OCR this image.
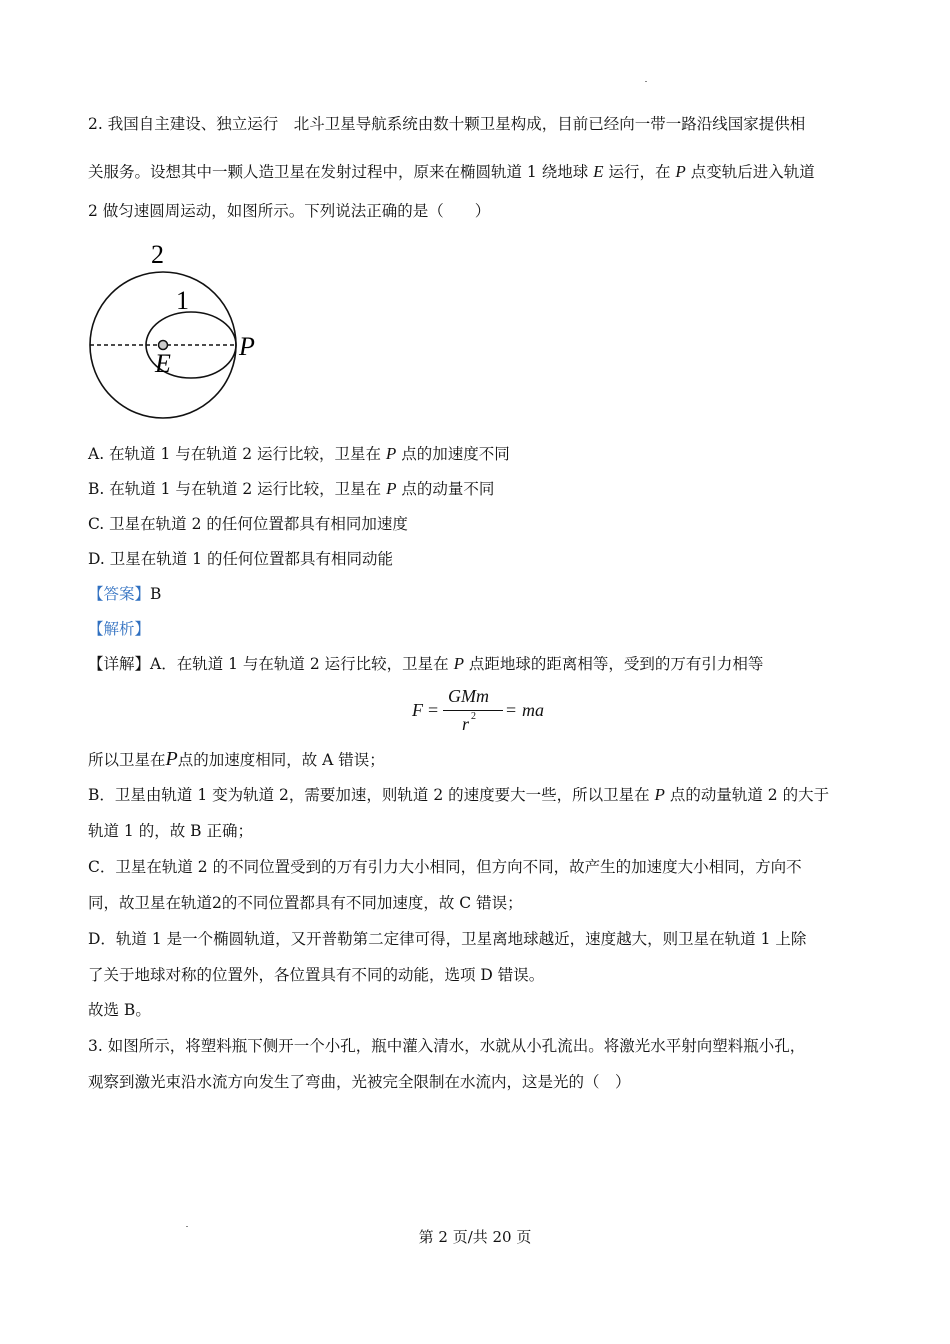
2. 我国自主建设、独立运行　北斗卫星导航系统由数十颗卫星构成，目前已经向一带一路沿线国家提供相
关服务。设想其中一颗人造卫星在发射过程中，原来在椭圆轨道 1 绕地球 E 运行，在 P 点变轨后进入轨道
2 做匀速圆周运动，如图所示。下列说法正确的是（　　）
2
1
E
P
A. 在轨道 1 与在轨道 2 运行比较，卫星在 P 点的加速度不同
B. 在轨道 1 与在轨道 2 运行比较，卫星在 P 点的动量不同
C. 卫星在轨道 2 的任何位置都具有相同加速度
D. 卫星在轨道 1 的任何位置都具有相同动能
【答案】B
【解析】
【详解】A．在轨道 1 与在轨道 2 运行比较，卫星在 P 点距地球的距离相等，受到的万有引力相等
F =
GMm
r 2 = ma
所以卫星在P点的加速度相同，故 A 错误；
B．卫星由轨道 1 变为轨道 2，需要加速，则轨道 2 的速度要大一些，所以卫星在 P 点的动量轨道 2 的大于
轨道 1 的，故 B 正确；
C．卫星在轨道 2 的不同位置受到的万有引力大小相同，但方向不同，故产生的加速度大小相同，方向不
同，故卫星在轨道2的不同位置都具有不同加速度，故 C 错误；
D．轨道 1 是一个椭圆轨道，又开普勒第二定律可得，卫星离地球越近，速度越大，则卫星在轨道 1 上除
了关于地球对称的位置外，各位置具有不同的动能，选项 D 错误。
故选 B。
3. 如图所示，将塑料瓶下侧开一个小孔，瓶中灌入清水，水就从小孔流出。将激光水平射向塑料瓶小孔，
观察到激光束沿水流方向发生了弯曲，光被完全限制在水流内，这是光的（　）
第 2 页/共 20 页
